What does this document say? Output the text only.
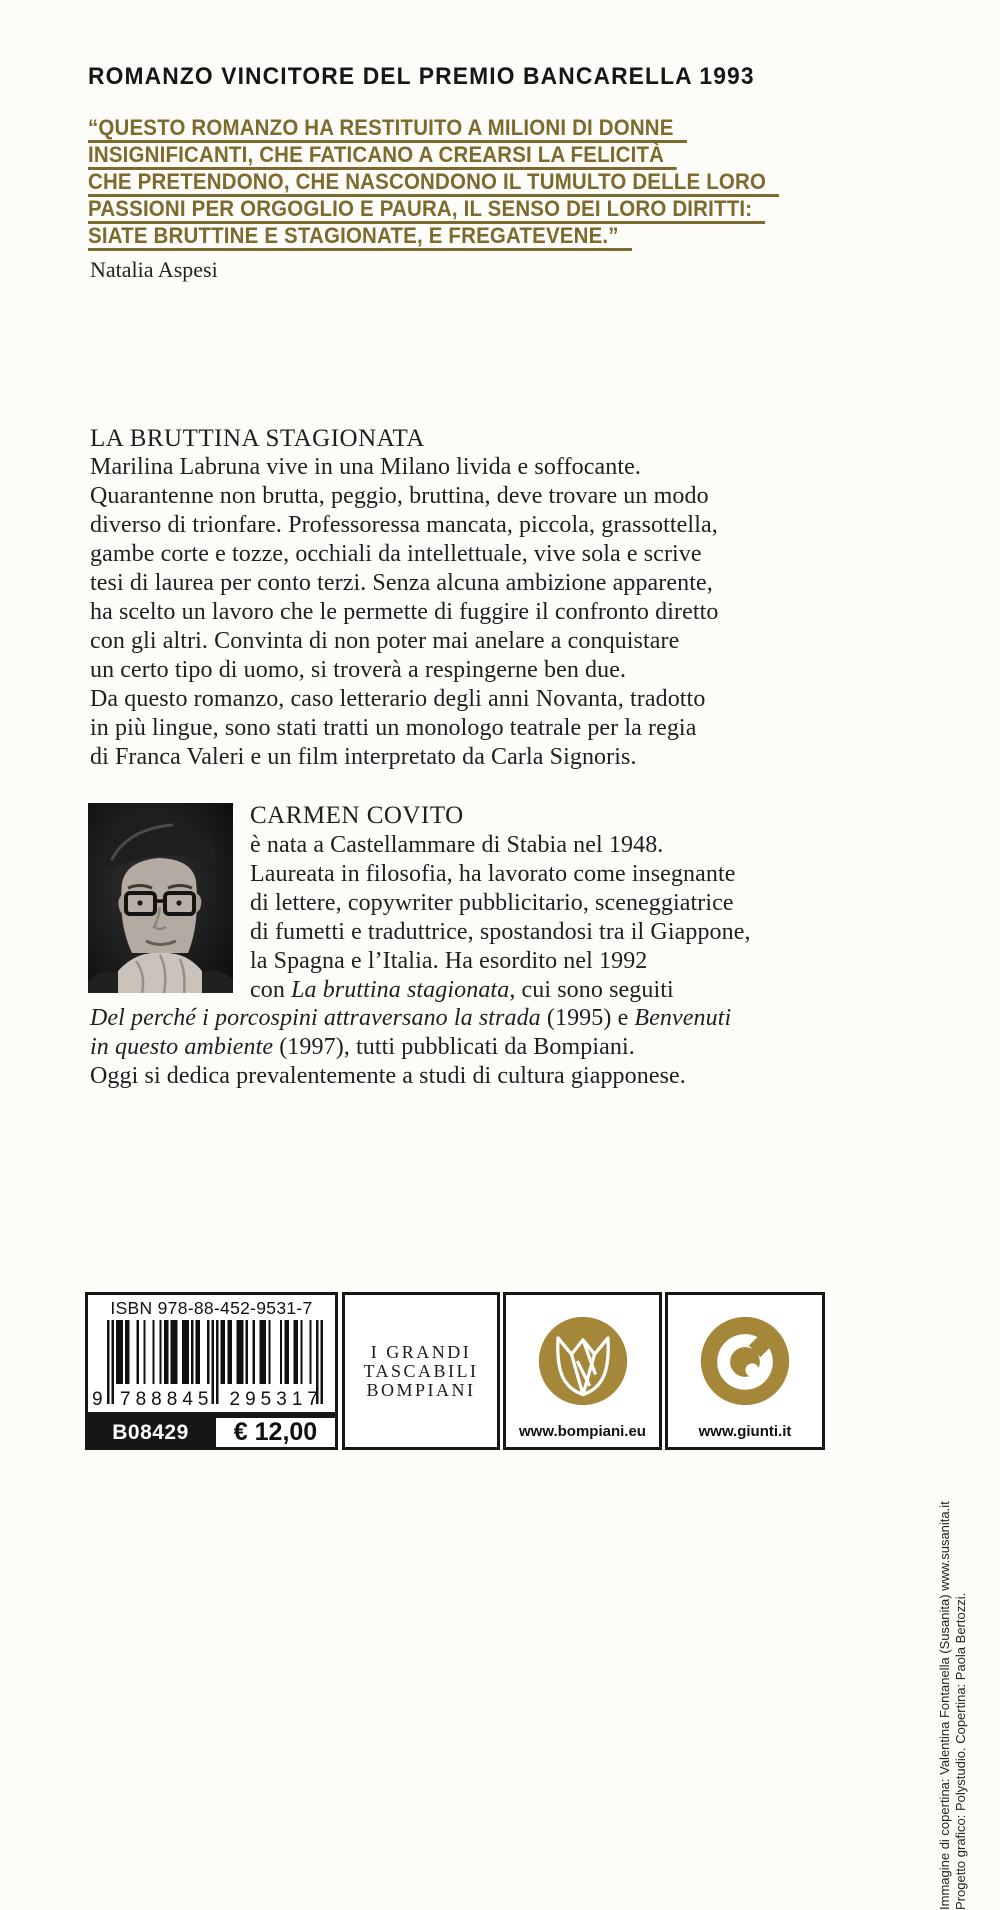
ROMANZO VINCITORE DEL PREMIO BANCARELLA 1993
“QUESTO ROMANZO HA RESTITUITO A MILIONI DI DONNE
INSIGNIFICANTI, CHE FATICANO A CREARSI LA FELICITÀ
CHE PRETENDONO, CHE NASCONDONO IL TUMULTO DELLE LORO
PASSIONI PER ORGOGLIO E PAURA, IL SENSO DEI LORO DIRITTI:
SIATE BRUTTINE E STAGIONATE, E FREGATEVENE.”
Natalia Aspesi
LA BRUTTINA STAGIONATA
Marilina Labruna vive in una Milano livida e soffocante.
Quarantenne non brutta, peggio, bruttina, deve trovare un modo
diverso di trionfare. Professoressa mancata, piccola, grassottella,
gambe corte e tozze, occhiali da intellettuale, vive sola e scrive
tesi di laurea per conto terzi. Senza alcuna ambizione apparente,
ha scelto un lavoro che le permette di fuggire il confronto diretto
con gli altri. Convinta di non poter mai anelare a conquistare
un certo tipo di uomo, si troverà a respingerne ben due.
Da questo romanzo, caso letterario degli anni Novanta, tradotto
in più lingue, sono stati tratti un monologo teatrale per la regia
di Franca Valeri e un film interpretato da Carla Signoris.
CARMEN COVITO
è nata a Castellammare di Stabia nel 1948.
Laureata in filosofia, ha lavorato come insegnante
di lettere, copywriter pubblicitario, sceneggiatrice
di fumetti e traduttrice, spostandosi tra il Giappone,
la Spagna e l’Italia. Ha esordito nel 1992
con La bruttina stagionata, cui sono seguiti
Del perché i porcospini attraversano la strada (1995) e Benvenuti
in questo ambiente (1997), tutti pubblicati da Bompiani.
Oggi si dedica prevalentemente a studi di cultura giapponese.
ISBN 978-88-452-9531-7
9 788845 295317
B08429	€ 12,00
I GRANDI
TASCABILI
BOMPIANI
www.bompiani.eu	www.giunti.it
Immagine di copertina: Valentina Fontanella (Susanita) www.susanita.it Progetto grafico: Polystudio. Copertina: Paola Bertozzi.
